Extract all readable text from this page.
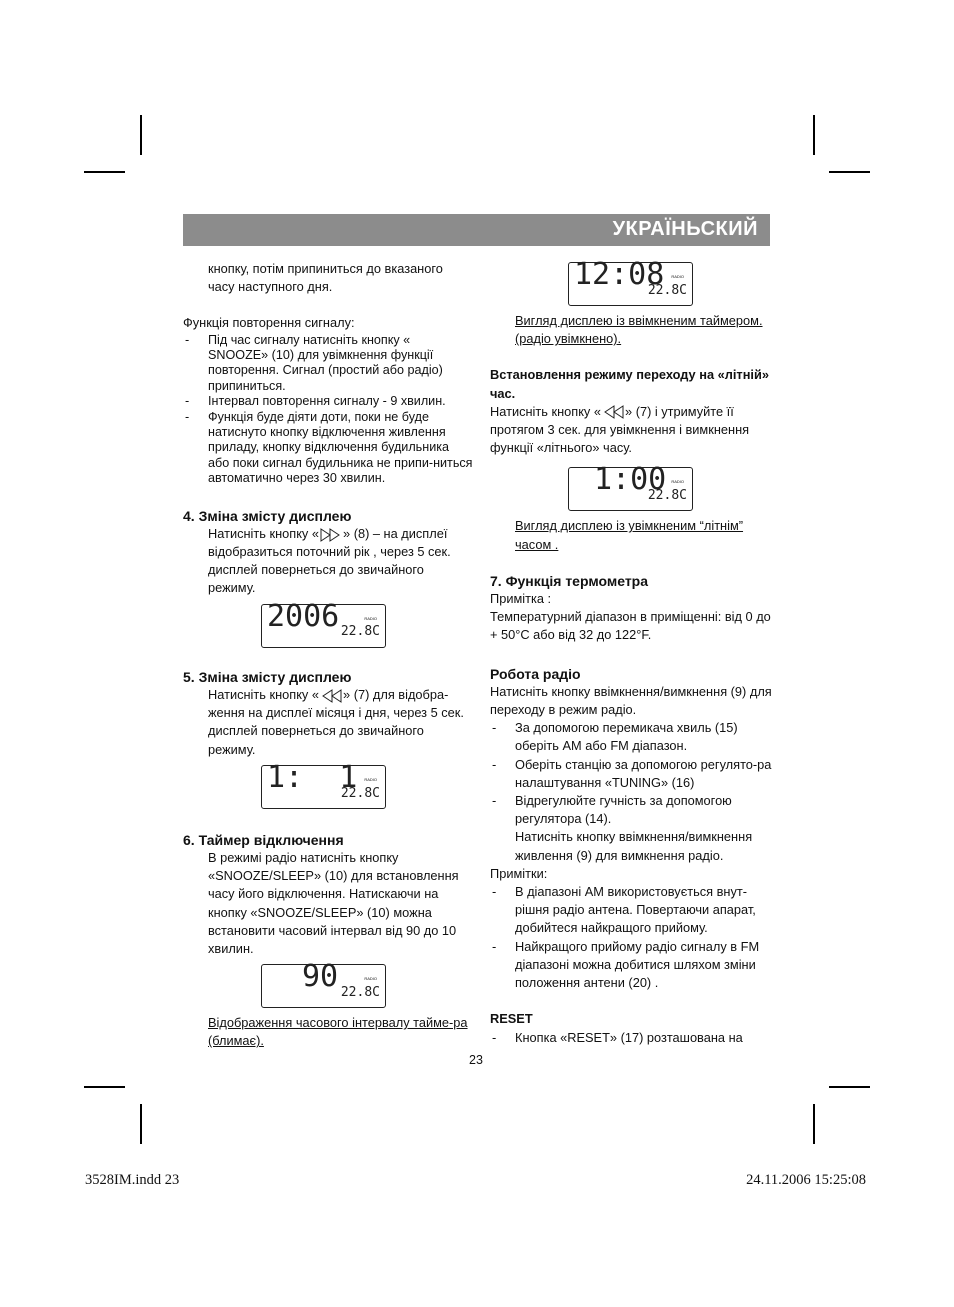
УКРАЇНЬСКИЙ

кнопку, потім припиниться до вказаного

часу наступного дня.

Функція повторення сигналу:

- Під час сигналу натисніть кнопку « SNOOZE» (10) для увімкнення функції повторення. Сигнал (простий або радіо) припиниться.
- Інтервал повторення сигналу - 9 хвилин.
- Функція буде діяти доти, поки не буде натиснуто кнопку відключення живлення приладу, кнопку відключення будильника або поки сигнал будильника не припи-ниться автоматично через 30 хвилин.

4. Зміна змісту дисплею

Натисніть кнопку « » (8) – на дисплеї відобразиться поточний рік , через 5 сек. дисплей повернеться до звичайного режиму.

RADIO
2006 22.8C

5. Зміна змісту дисплею

Натисніть кнопку « » (7) для відобра-ження на дисплеї місяця і дня, через 5 сек. дисплей повернеться до звичайного режиму.

RADIO
1:  1
22.8C

6. Таймер відключення

В режимі радіо натисніть кнопку «SNOOZE/SLEEP» (10) для встановлення часу його відключення. Натискаючи на кнопку «SNOOZE/SLEEP» (10) можна встановити часовий інтервал від 90 до 10 хвилин.

RADIO
90 22.8C

Відображення часового інтервалу тайме-ра (блимає).

RADIO
12:08
22.8C

Вигляд дисплею із ввімкненим таймером. (радіо увімкнено).

Встановлення режиму переходу на «літній» час.

Натисніть кнопку « » (7) і утримуйте її протягом 3 сек. для увімкнення і вимкнення функції «літнього» часу.

RADIO
1:00
22.8C

Вигляд дисплею із увімкненим “літнім” часом .

7. Функція термометра

Примітка :

Температурний діапазон в приміщенні: від 0 до + 50°С або від 32 до 122°F.

Робота радіо

Натисніть кнопку ввімкнення/вимкнення (9) для переходу в режим радіо.

- За допомогою перемикача хвиль (15) оберіть AM або FM діапазон.
- Оберіть станцію за допомогою регулято-ра налаштування «TUNING» (16)
- Відрегулюйте гучність за допомогою регулятора (14).

Натисніть кнопку ввімкнення/вимкнення живлення (9) для вимкнення радіо.

Примітки:

- В діапазоні AM використовується внут-рішня радіо антена. Повертаючи апарат, добийтеся найкращого прийому.
- Найкращого прийому радіо сигналу в FM діапазоні можна добитися шляхом зміни положення антени (20) .

RESET

- Кнопка «RESET» (17) розташована на
23
3528IM.indd 23	24.11.2006 15:25:08
